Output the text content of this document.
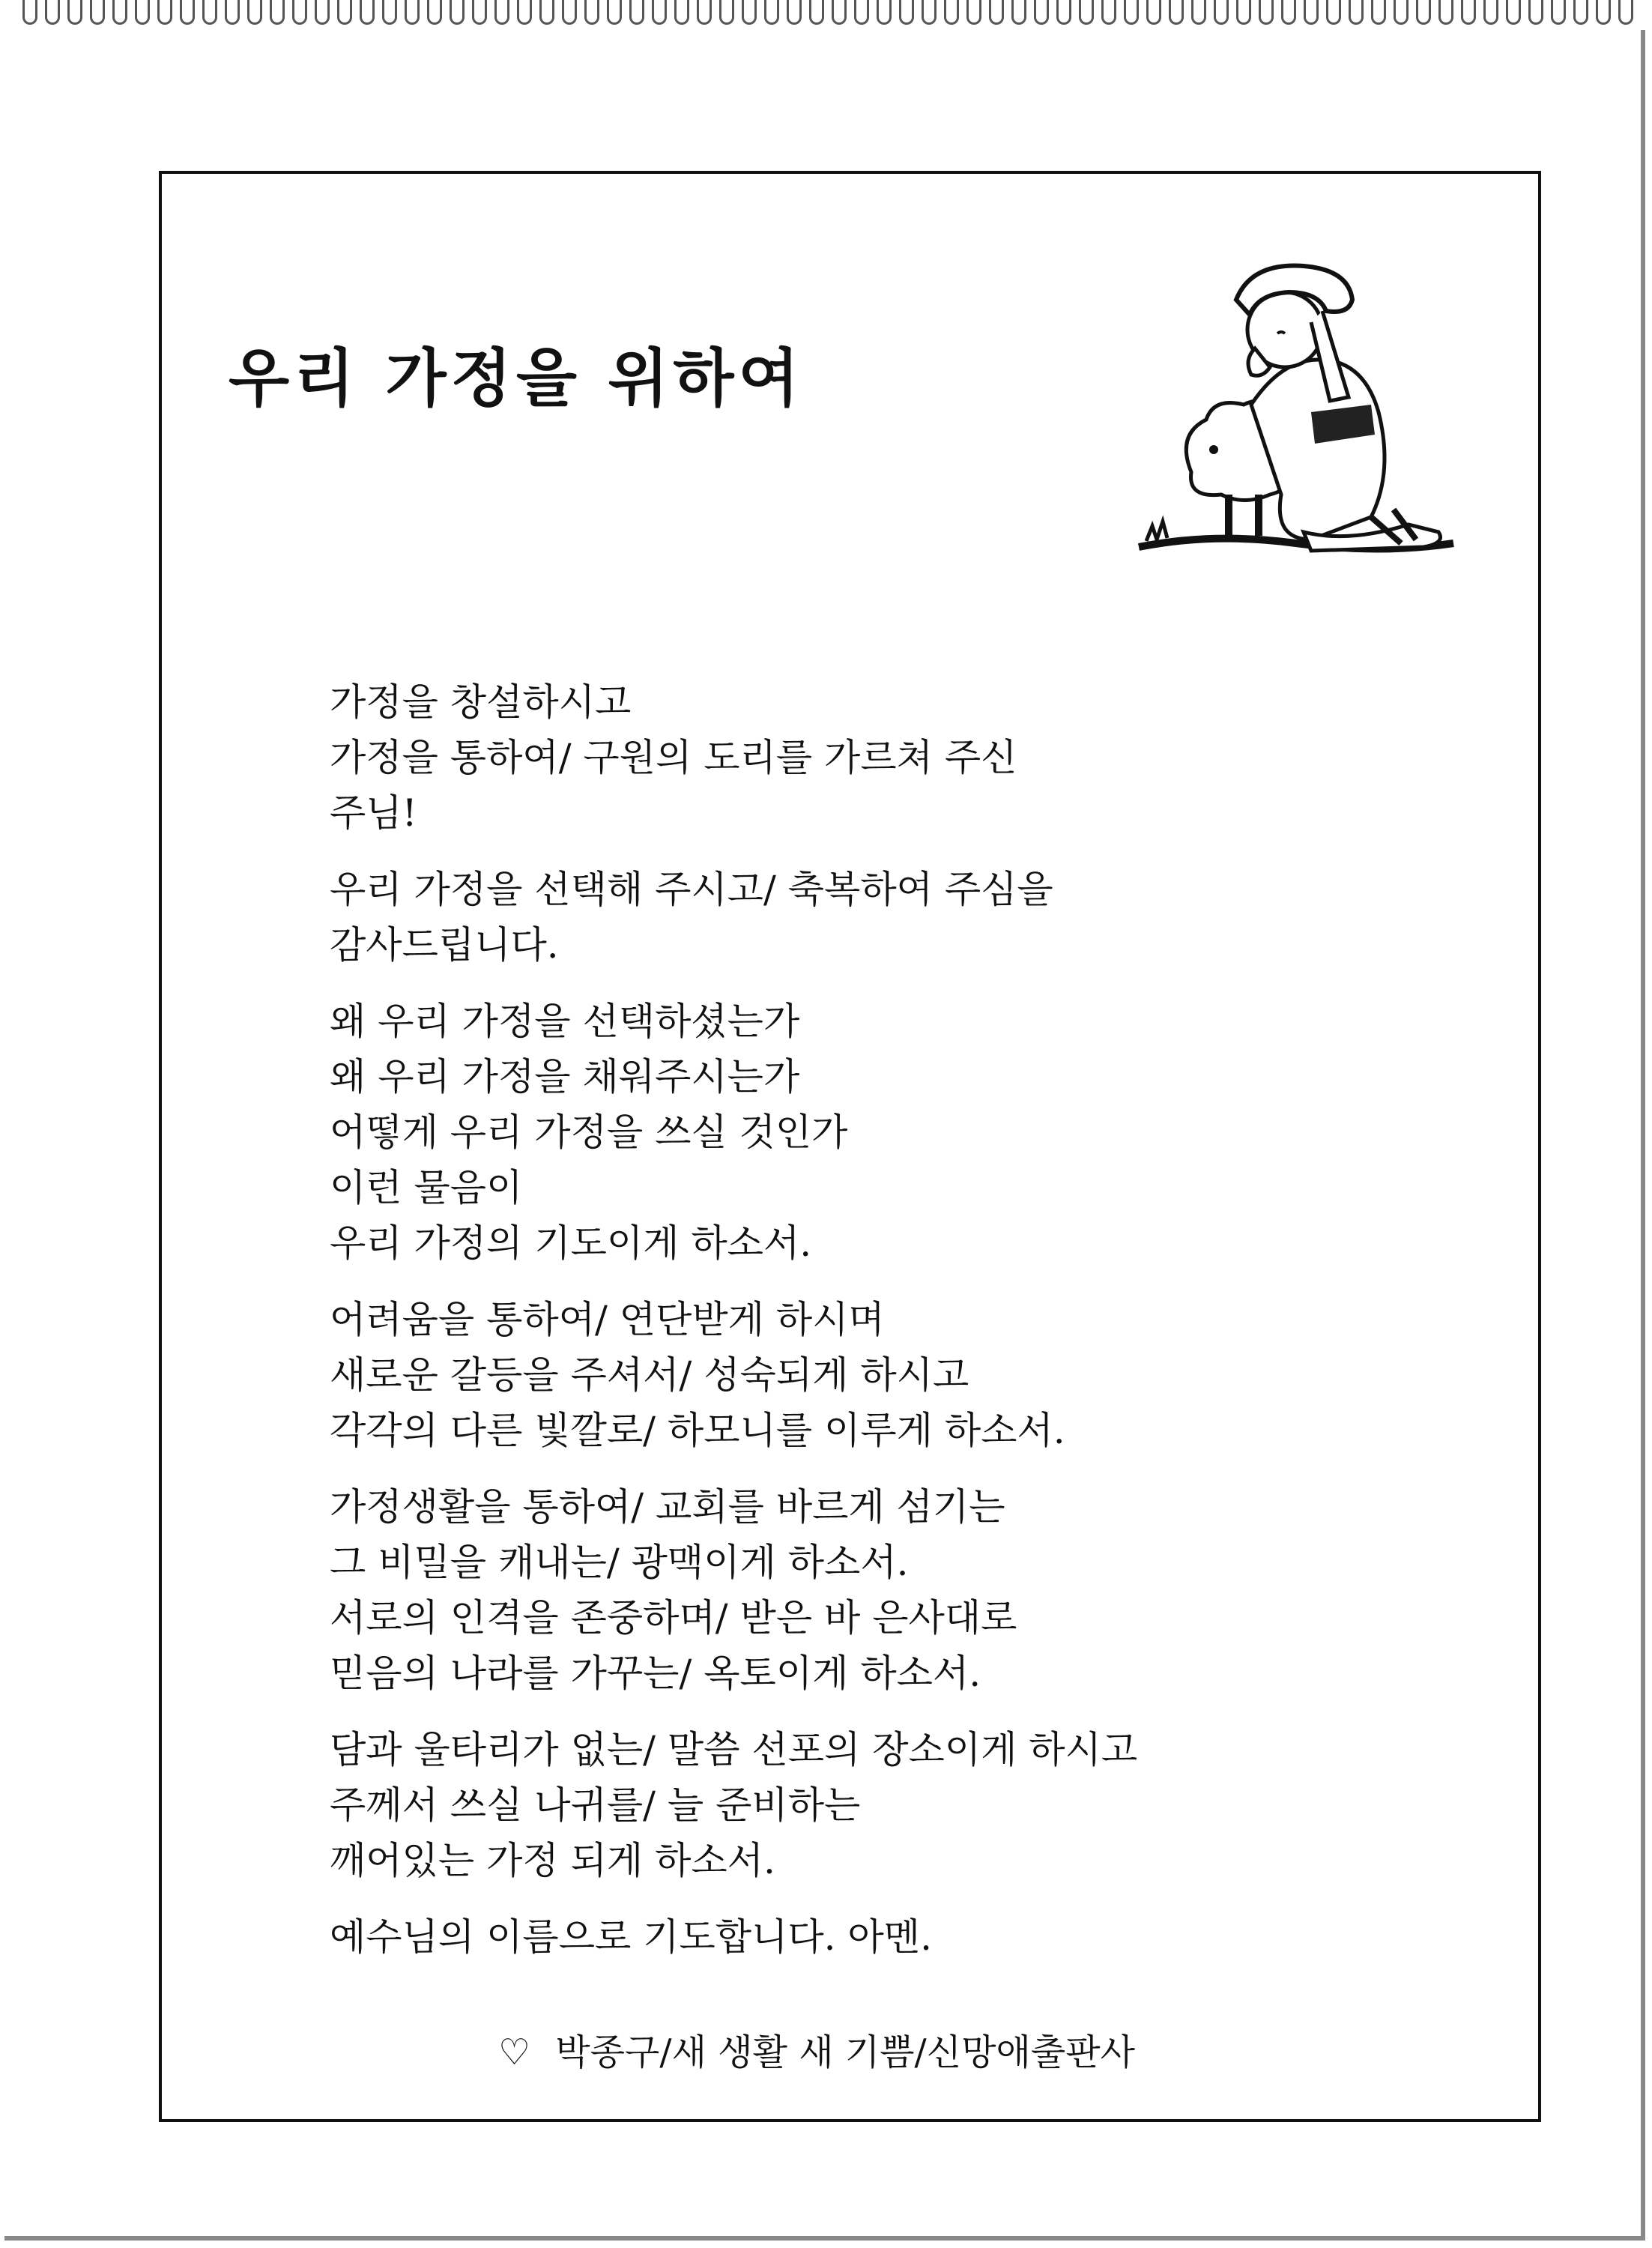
우리 가정을 위하여
가정을 창설하시고
가정을 통하여/ 구원의 도리를 가르쳐 주신
주님!
우리 가정을 선택해 주시고/ 축복하여 주심을
감사드립니다.
왜 우리 가정을 선택하셨는가
왜 우리 가정을 채워주시는가
어떻게 우리 가정을 쓰실 것인가
이런 물음이
우리 가정의 기도이게 하소서.
어려움을 통하여/ 연단받게 하시며
새로운 갈등을 주셔서/ 성숙되게 하시고
각각의 다른 빛깔로/ 하모니를 이루게 하소서.
가정생활을 통하여/ 교회를 바르게 섬기는
그 비밀을 캐내는/ 광맥이게 하소서.
서로의 인격을 존중하며/ 받은 바 은사대로
믿음의 나라를 가꾸는/ 옥토이게 하소서.
담과 울타리가 없는/ 말씀 선포의 장소이게 하시고
주께서 쓰실 나귀를/ 늘 준비하는
깨어있는 가정 되게 하소서.
예수님의 이름으로 기도합니다. 아멘.
♡ 박종구/새 생활 새 기쁨/신망애출판사
